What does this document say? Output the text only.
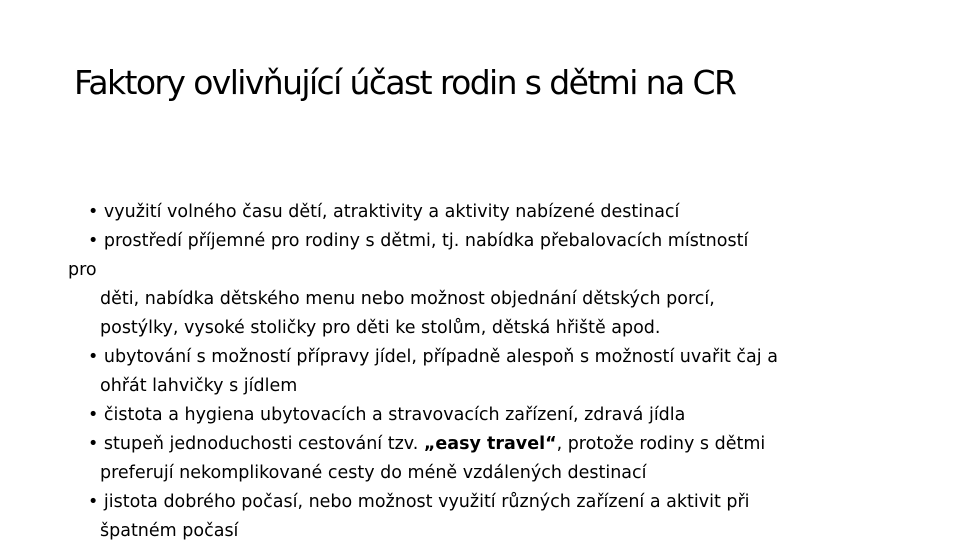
Faktory ovlivňující účast rodin s dětmi na CR
• využití volného času dětí, atraktivity a aktivity nabízené destinací
• prostředí příjemné pro rodiny s dětmi, tj. nabídka přebalovacích místností
pro
děti, nabídka dětského menu nebo možnost objednání dětských porcí,
postýlky, vysoké stoličky pro děti ke stolům, dětská hřiště apod.
• ubytování s možností přípravy jídel, případně alespoň s možností uvařit čaj a
ohřát lahvičky s jídlem
• čistota a hygiena ubytovacích a stravovacích zařízení, zdravá jídla
• stupeň jednoduchosti cestování tzv. „easy travel“, protože rodiny s dětmi
preferují nekomplikované cesty do méně vzdálených destinací
• jistota dobrého počasí, nebo možnost využití různých zařízení a aktivit při
špatném počasí
